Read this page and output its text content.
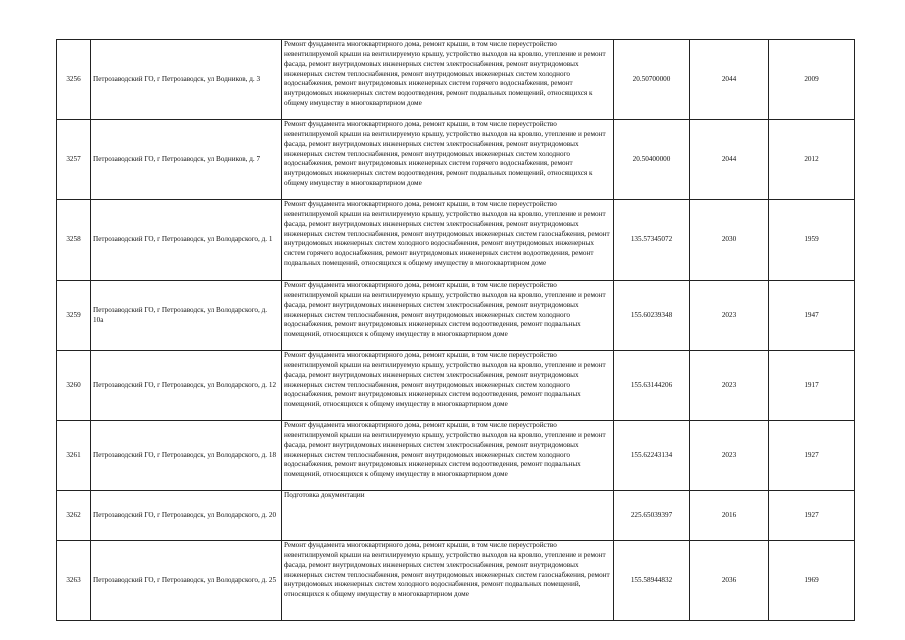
3256	Петрозаводский ГО, г Петрозаводск, ул Водников, д. 3	Ремонт фундамента многоквартирного дома, ремонт крыши, в том числе переустройство невентилируемой крыши на вентилируемую крышу, устройство выходов на кровлю, утепление и ремонт фасада, ремонт внутридомовых инженерных систем электроснабжения, ремонт внутридомовых инженерных систем теплоснабжения, ремонт внутридомовых инженерных систем холодного водоснабжения, ремонт внутридомовых инженерных систем горячего водоснабжения, ремонт внутридомовых инженерных систем водоотведения, ремонт подвальных помещений, относящихся к общему имуществу в многоквартирном доме	20.50700000	2044	2009
3257	Петрозаводский ГО, г Петрозаводск, ул Водников, д. 7	Ремонт фундамента многоквартирного дома, ремонт крыши, в том числе переустройство невентилируемой крыши на вентилируемую крышу, устройство выходов на кровлю, утепление и ремонт фасада, ремонт внутридомовых инженерных систем электроснабжения, ремонт внутридомовых инженерных систем теплоснабжения, ремонт внутридомовых инженерных систем холодного водоснабжения, ремонт внутридомовых инженерных систем горячего водоснабжения, ремонт внутридомовых инженерных систем водоотведения, ремонт подвальных помещений, относящихся к общему имуществу в многоквартирном доме	20.50400000	2044	2012
3258	Петрозаводский ГО, г Петрозаводск, ул Володарского, д. 1	Ремонт фундамента многоквартирного дома, ремонт крыши, в том числе переустройство невентилируемой крыши на вентилируемую крышу, устройство выходов на кровлю, утепление и ремонт фасада, ремонт внутридомовых инженерных систем электроснабжения, ремонт внутридомовых инженерных систем теплоснабжения, ремонт внутридомовых инженерных систем газоснабжения, ремонт внутридомовых инженерных систем холодного водоснабжения, ремонт внутридомовых инженерных систем горячего водоснабжения, ремонт внутридомовых инженерных систем водоотведения, ремонт подвальных помещений, относящихся к общему имуществу в многоквартирном доме	135.57345072	2030	1959
3259	Петрозаводский ГО, г Петрозаводск, ул Володарского, д. 10а	Ремонт фундамента многоквартирного дома, ремонт крыши, в том числе переустройство невентилируемой крыши на вентилируемую крышу, устройство выходов на кровлю, утепление и ремонт фасада, ремонт внутридомовых инженерных систем электроснабжения, ремонт внутридомовых инженерных систем теплоснабжения, ремонт внутридомовых инженерных систем холодного водоснабжения, ремонт внутридомовых инженерных систем водоотведения, ремонт подвальных помещений, относящихся к общему имуществу в многоквартирном доме	155.60239348	2023	1947
3260	Петрозаводский ГО, г Петрозаводск, ул Володарского, д. 12	Ремонт фундамента многоквартирного дома, ремонт крыши, в том числе переустройство невентилируемой крыши на вентилируемую крышу, устройство выходов на кровлю, утепление и ремонт фасада, ремонт внутридомовых инженерных систем электроснабжения, ремонт внутридомовых инженерных систем теплоснабжения, ремонт внутридомовых инженерных систем холодного водоснабжения, ремонт внутридомовых инженерных систем водоотведения, ремонт подвальных помещений, относящихся к общему имуществу в многоквартирном доме	155.63144206	2023	1917
3261	Петрозаводский ГО, г Петрозаводск, ул Володарского, д. 18	Ремонт фундамента многоквартирного дома, ремонт крыши, в том числе переустройство невентилируемой крыши на вентилируемую крышу, устройство выходов на кровлю, утепление и ремонт фасада, ремонт внутридомовых инженерных систем электроснабжения, ремонт внутридомовых инженерных систем теплоснабжения, ремонт внутридомовых инженерных систем холодного водоснабжения, ремонт внутридомовых инженерных систем водоотведения, ремонт подвальных помещений, относящихся к общему имуществу в многоквартирном доме	155.62243134	2023	1927
3262	Петрозаводский ГО, г Петрозаводск, ул Володарского, д. 20	Подготовка документации	225.65039397	2016	1927
3263	Петрозаводский ГО, г Петрозаводск, ул Володарского, д. 25	Ремонт фундамента многоквартирного дома, ремонт крыши, в том числе переустройство невентилируемой крыши на вентилируемую крышу, устройство выходов на кровлю, утепление и ремонт фасада, ремонт внутридомовых инженерных систем электроснабжения, ремонт внутридомовых инженерных систем теплоснабжения, ремонт внутридомовых инженерных систем газоснабжения, ремонт внутридомовых инженерных систем холодного водоснабжения, ремонт подвальных помещений, относящихся к общему имуществу в многоквартирном доме	155.58944832	2036	1969
